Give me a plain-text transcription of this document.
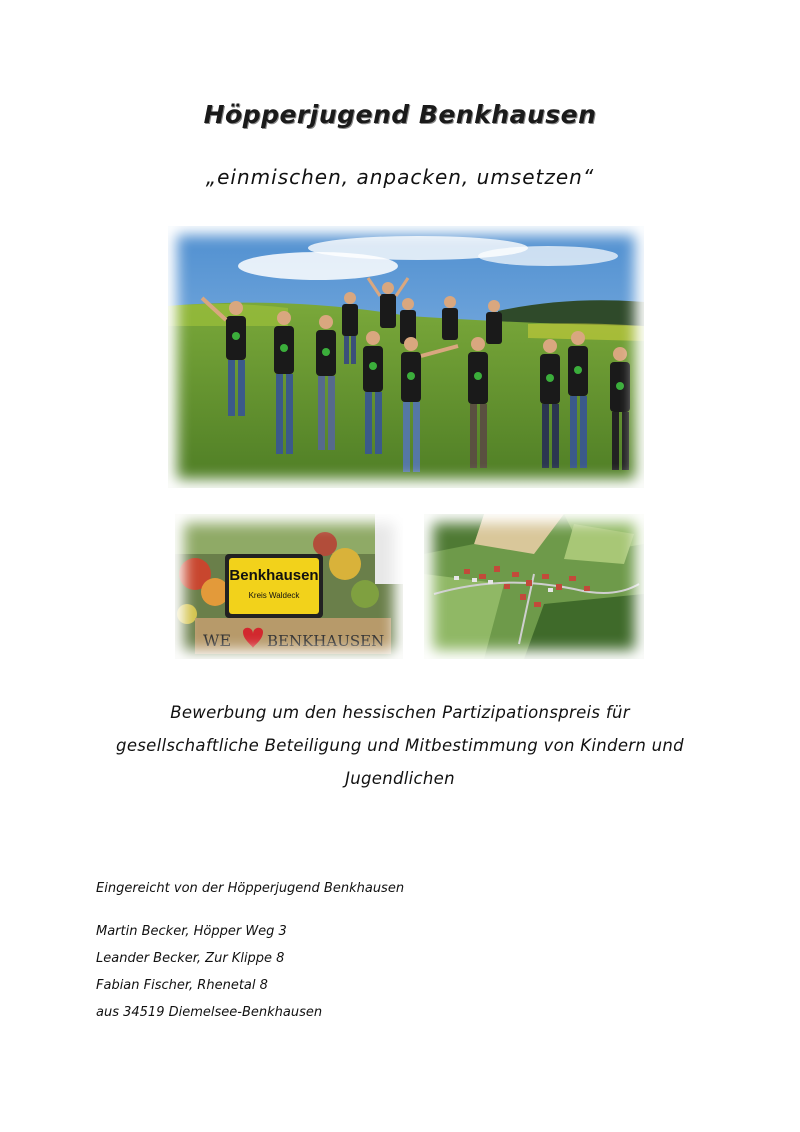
Höpperjugend Benkhausen
„einmischen, anpacken, umsetzen“
Benkhausen
Kreis Waldeck
WE BENKHAUSEN
Bewerbung um den hessischen Partizipationspreis für
gesellschaftliche Beteiligung und Mitbestimmung von Kindern und
Jugendlichen
Eingereicht von der Höpperjugend Benkhausen
Martin Becker, Höpper Weg 3
Leander Becker, Zur Klippe 8
Fabian Fischer, Rhenetal 8
aus 34519 Diemelsee-Benkhausen
